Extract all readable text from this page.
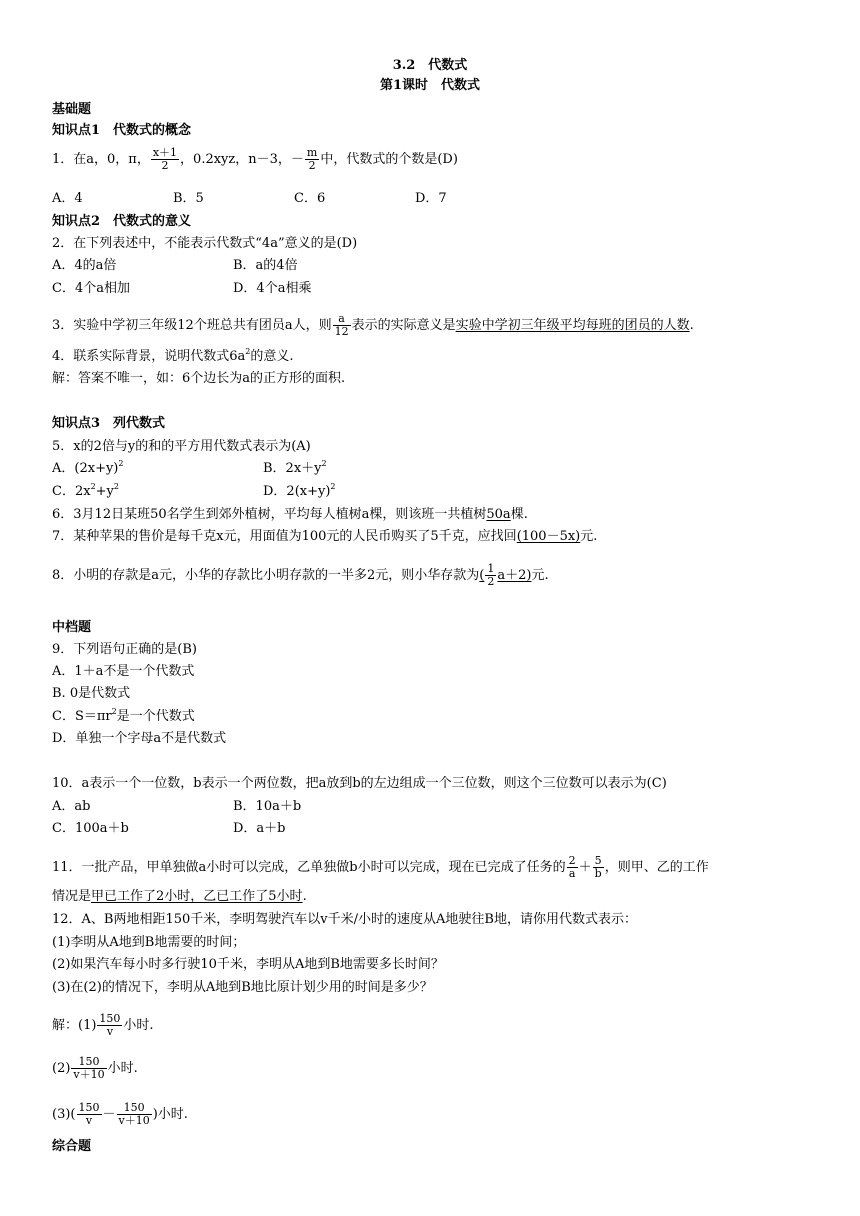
3.2　代数式
第1课时　代数式
基础题
知识点1　代数式的概念
1．在a，0，π， $\frac{x+1}{2}$ ，0.2xyz，n－3，－ $\frac{m}{2}$ 中，代数式的个数是(D)
A．4	B．5	C．6	D．7
知识点2　代数式的意义
2．在下列表述中，不能表示代数式“4a”意义的是(D)
A．4的a倍	B．a的4倍
C．4个a相加	D．4个a相乘
3．实验中学初三年级12个班总共有团员a人，则 $\frac{a}{12}$ 表示的实际意义是实验中学初三年级平均每班的团员的人数.
4．联系实际背景，说明代数式$6a^2$的意义.
解：答案不唯一，如：6个边长为a的正方形的面积.
知识点3　列代数式
5．x的2倍与y的和的平方用代数式表示为(A)
A．$(2x+y)^2$	B．$2x+y^2$
C．$2x^2+y^2$	D．$2(x+y)^2$
6．3月12日某班50名学生到郊外植树，平均每人植树a棵，则该班一共植树50a棵.
7．某种苹果的售价是每千克x元，用面值为100元的人民币购买了5千克，应找回(100－5x)元.
8．小明的存款是a元，小华的存款比小明存款的一半多2元，则小华存款为( $\frac{1}{2} a+2$)元.
中档题
9．下列语句正确的是(B)
A．1＋a不是一个代数式
B. 0是代数式
C．$S=\pi r^2$是一个代数式
D．单独一个字母a不是代数式
10．a表示一个一位数，b表示一个两位数，把a放到b的左边组成一个三位数，则这个三位数可以表示为(C)
A．ab	B．10a＋b
C．100a＋b	D．a＋b
11．一批产品，甲单独做a小时可以完成，乙单独做b小时可以完成，现在已完成了任务的 $\frac{2}{a} + \frac{5}{b}$ ，则甲、乙的工作
情况是甲已工作了2小时，乙已工作了5小时.
12．A、B两地相距150千米，李明驾驶汽车以v千米/小时的速度从A地驶往B地，请你用代数式表示：
(1)李明从A地到B地需要的时间；
(2)如果汽车每小时多行驶10千米，李明从A地到B地需要多长时间？
(3)在(2)的情况下，李明从A地到B地比原计划少用的时间是多少？
解：$(1) \frac{150}{v}$ 小时.
$(2) \frac{150}{v+10}$ 小时.
$(3)( \frac{150}{v} - \frac{150}{v+10}$ )小时.
综合题
